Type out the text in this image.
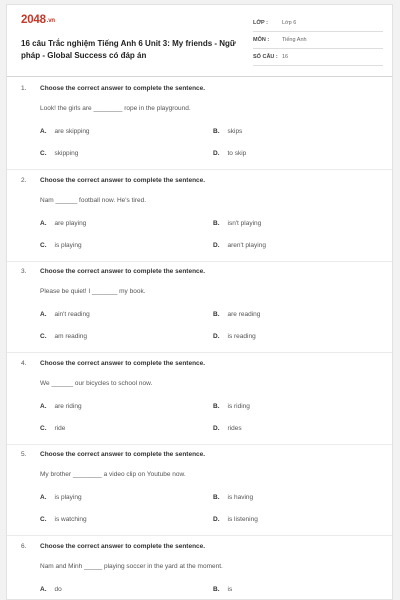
2048.vn
16 câu Trắc nghiệm Tiếng Anh 6 Unit 3: My friends - Ngữ pháp - Global Success có đáp án
LỚP :	Lớp 6
MÔN :	Tiếng Anh
SỐ CÂU : 16
1. Choose the correct answer to complete the sentence.
Look! the girls are ________ rope in the playground.
A. are skipping	B. skips
C. skipping	D. to skip
2. Choose the correct answer to complete the sentence.
Nam ______ football now. He's tired.
A. are playing	B. isn't playing
C. is playing	D. aren't playing
3. Choose the correct answer to complete the sentence.
Please be quiet! I _______ my book.
A. ain't reading	B. are reading
C. am reading	D. is reading
4. Choose the correct answer to complete the sentence.
We ______ our bicycles to school now.
A. are riding	B. is riding
C. ride	D. rides
5. Choose the correct answer to complete the sentence.
My brother ________ a video clip on Youtube now.
A. is playing	B. is having
C. is watching	D. is listening
6. Choose the correct answer to complete the sentence.
Nam and Minh _____ playing soccer in the yard at the moment.
A. do	B. is
